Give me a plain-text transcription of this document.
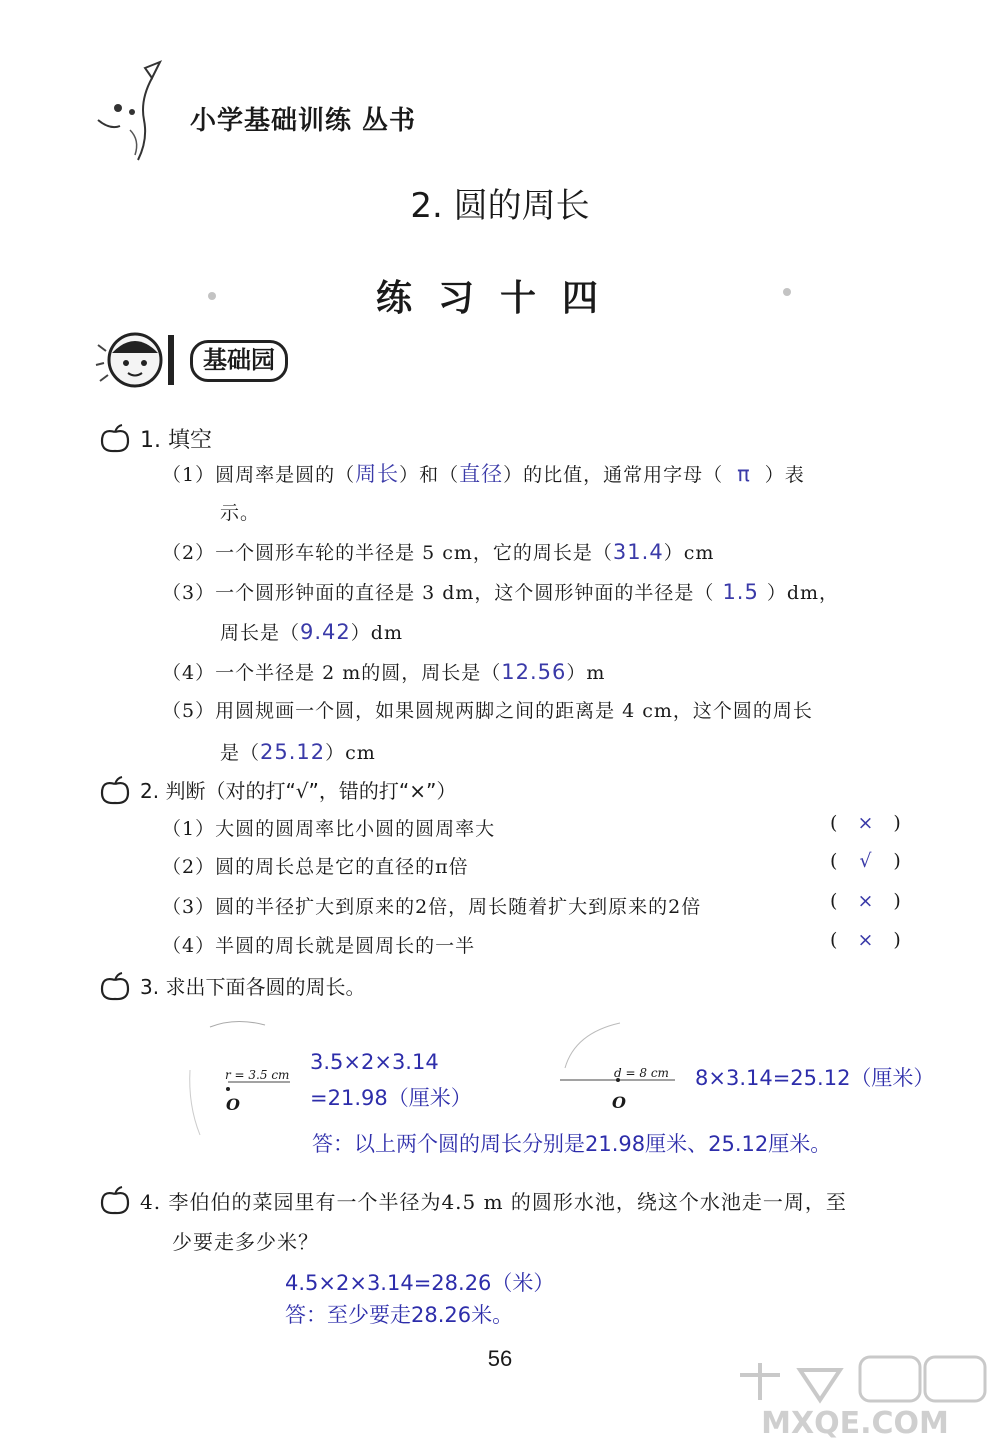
小学基础训练 丛书
2. 圆的周长
练习十四
基础园
1. 填空
（1）圆周率是圆的（周长）和（直径）的比值，通常用字母（ π ）表
示。
（2）一个圆形车轮的半径是 5 cm，它的周长是（31.4）cm
（3）一个圆形钟面的直径是 3 dm，这个圆形钟面的半径是（ 1.5 ）dm，
周长是（9.42）dm
（4）一个半径是 2 m的圆，周长是（12.56）m
（5）用圆规画一个圆，如果圆规两脚之间的距离是 4 cm，这个圆的周长
是（25.12）cm
2. 判断（对的打“√”，错的打“×”）
（1）大圆的圆周率比小圆的圆周率大	( × )
（2）圆的周长总是它的直径的π倍	( √ )
（3）圆的半径扩大到原来的2倍，周长随着扩大到原来的2倍	( × )
（4）半圆的周长就是圆周长的一半	( × )
3. 求出下面各圆的周长。
r = 3.5 cm
O
3.5×2×3.14
=21.98（厘米）
d = 8 cm
O
8×3.14=25.12（厘米）
答：以上两个圆的周长分别是21.98厘米、25.12厘米。
4. 李伯伯的菜园里有一个半径为4.5 m 的圆形水池，绕这个水池走一周，至
少要走多少米？
4.5×2×3.14=28.26（米）
答：至少要走28.26米。
56
MXQE.COM
